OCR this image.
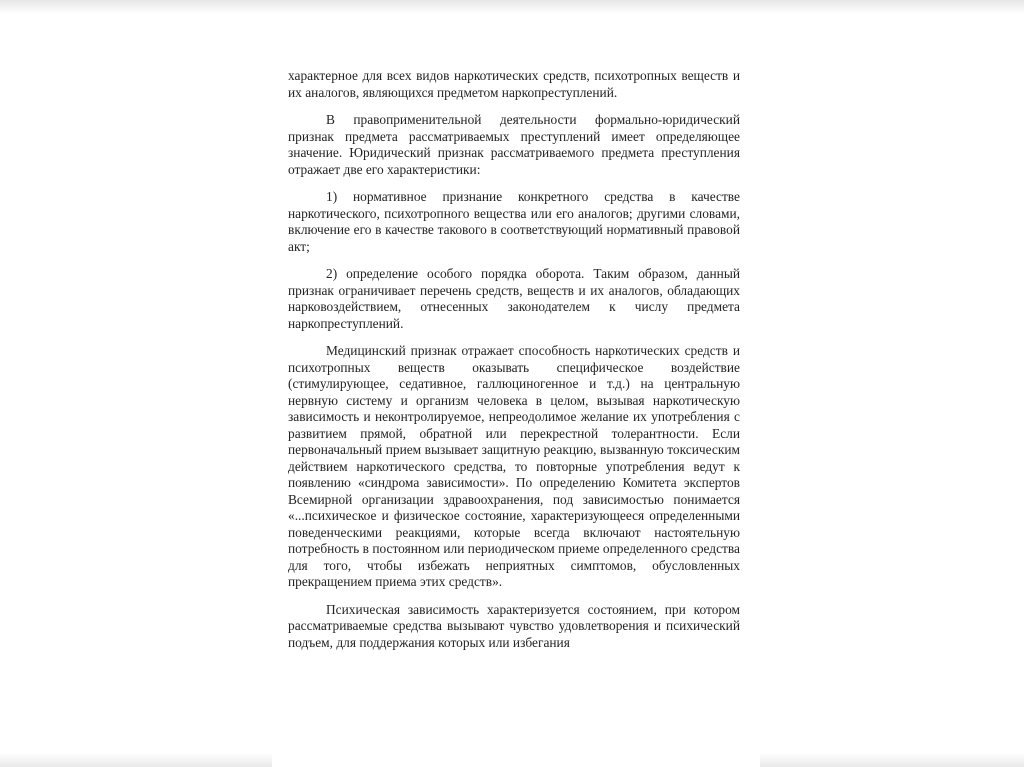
характерное для всех видов наркотических средств, психотропных веществ и их аналогов, являющихся предметом наркопреступлений.

В правоприменительной деятельности формально-юридический признак предмета рассматриваемых преступлений имеет определяющее значение. Юридический признак рассматриваемого предмета преступления отражает две его характеристики:

1) нормативное признание конкретного средства в качестве наркотического, психотропного вещества или его аналогов; другими словами, включение его в качестве такового в соответствующий нормативный правовой акт;

2) определение особого порядка оборота. Таким образом, данный признак ограничивает перечень средств, веществ и их аналогов, обладающих нарковоздействием, отнесенных законодателем к числу предмета наркопреступлений.

Медицинский признак отражает способность наркотических средств и психотропных веществ оказывать специфическое воздействие (стимулирующее, седативное, галлюциногенное и т.д.) на центральную нервную систему и организм человека в целом, вызывая наркотическую зависимость и неконтролируемое, непреодолимое желание их употребления с развитием прямой, обратной или перекрестной толерантности. Если первоначальный прием вызывает защитную реакцию, вызванную токсическим действием наркотического средства, то повторные употребления ведут к появлению «синдрома зависимости». По определению Комитета экспертов Всемирной организации здравоохранения, под зависимостью понимается «...психическое и физическое состояние, характеризующееся определенными поведенческими реакциями, которые всегда включают настоятельную потребность в постоянном или периодическом приеме определенного средства для того, чтобы избежать неприятных симптомов, обусловленных прекращением приема этих средств».

Психическая зависимость характеризуется состоянием, при котором рассматриваемые средства вызывают чувство удовлетворения и психический подъем, для поддержания которых или избегания
